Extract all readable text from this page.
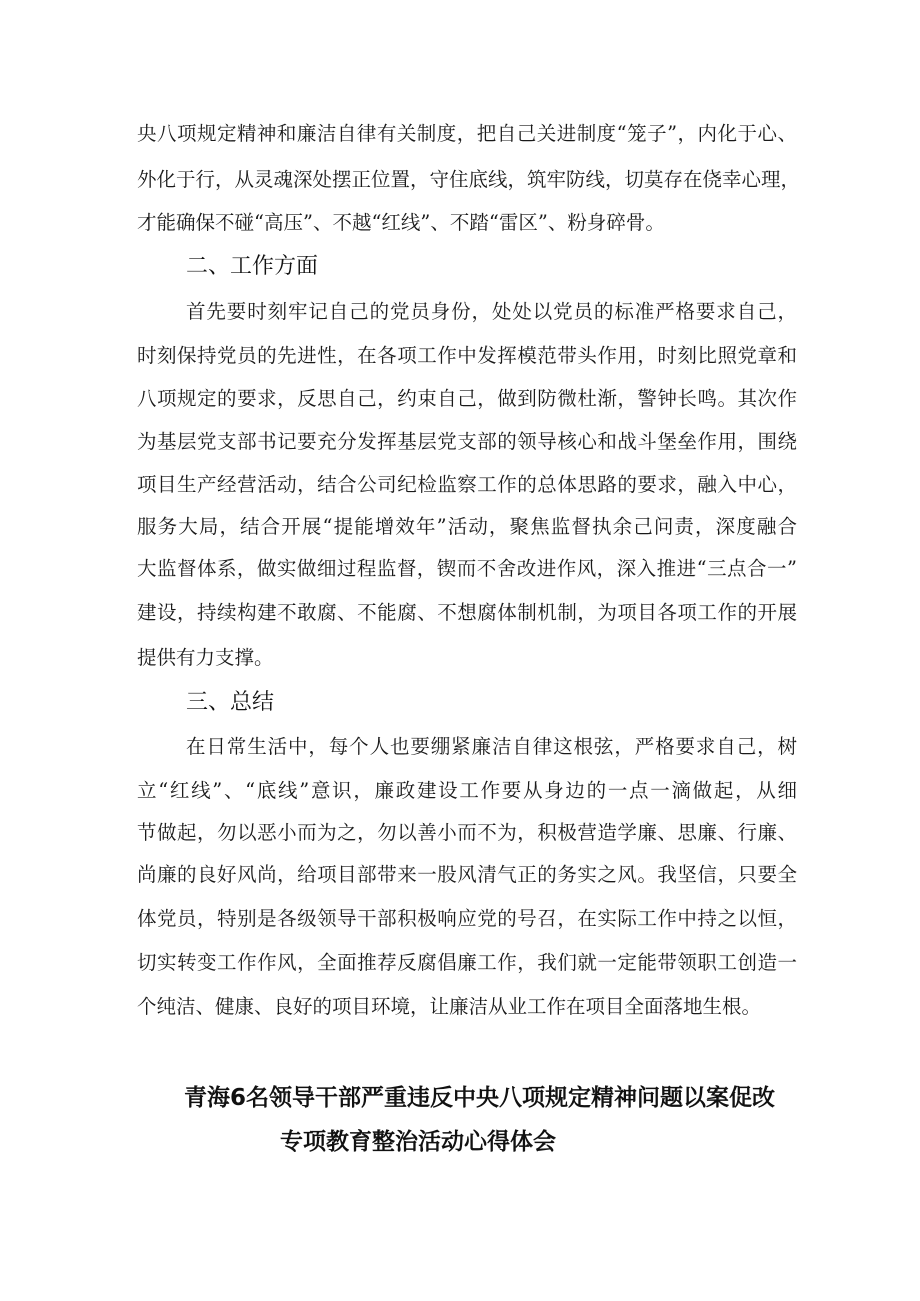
央八项规定精神和廉洁自律有关制度，把自己关进制度“笼子”，内化于心、
外化于行，从灵魂深处摆正位置，守住底线，筑牢防线，切莫存在侥幸心理，
才能确保不碰“高压”、不越“红线”、不踏“雷区”、粉身碎骨。
二、工作方面
首先要时刻牢记自己的党员身份，处处以党员的标准严格要求自己，
时刻保持党员的先进性，在各项工作中发挥模范带头作用，时刻比照党章和
八项规定的要求，反思自己，约束自己，做到防微杜渐，警钟长鸣。其次作
为基层党支部书记要充分发挥基层党支部的领导核心和战斗堡垒作用，围绕
项目生产经营活动，结合公司纪检监察工作的总体思路的要求，融入中心，
服务大局，结合开展“提能增效年”活动，聚焦监督执余己问责，深度融合
大监督体系，做实做细过程监督，锲而不舍改进作风，深入推进“三点合一”
建设，持续构建不敢腐、不能腐、不想腐体制机制，为项目各项工作的开展
提供有力支撑。
三、总结
在日常生活中，每个人也要绷紧廉洁自律这根弦，严格要求自己，树
立“红线”、“底线”意识，廉政建设工作要从身边的一点一滴做起，从细
节做起，勿以恶小而为之，勿以善小而不为，积极营造学廉、思廉、行廉、
尚廉的良好风尚，给项目部带来一股风清气正的务实之风。我坚信，只要全
体党员，特别是各级领导干部积极响应党的号召，在实际工作中持之以恒，
切实转变工作作风，全面推荐反腐倡廉工作，我们就一定能带领职工创造一
个纯洁、健康、良好的项目环境，让廉洁从业工作在项目全面落地生根。
青海6名领导干部严重违反中央八项规定精神问题以案促改
专项教育整治活动心得体会
